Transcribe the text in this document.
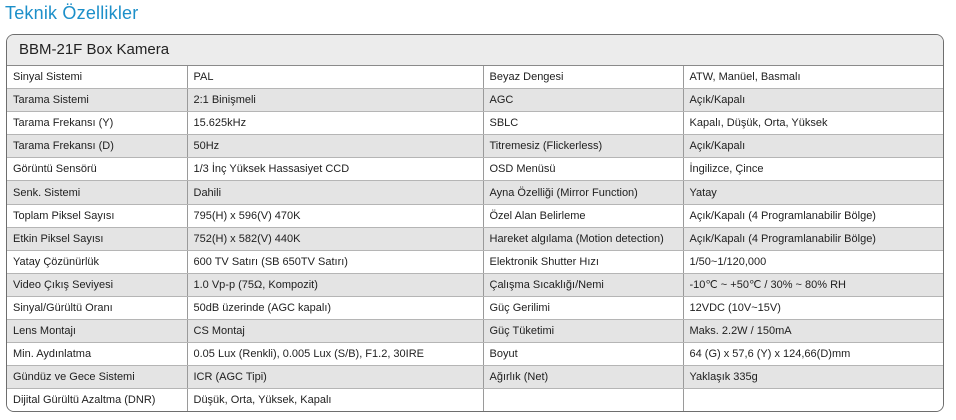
Teknik Özellikler
BBM-21F Box Kamera
Sinyal Sistemi	PAL	Beyaz Dengesi	ATW, Manüel, Basmalı
Tarama Sistemi	2:1 Binişmeli	AGC	Açık/Kapalı
Tarama Frekansı (Y)	15.625kHz	SBLC	Kapalı, Düşük, Orta, Yüksek
Tarama Frekansı (D)	50Hz	Titremesiz (Flickerless)	Açık/Kapalı
Görüntü Sensörü	1/3 İnç Yüksek Hassasiyet CCD	OSD Menüsü	İngilizce, Çince
Senk. Sistemi	Dahili	Ayna Özelliği (Mirror Function)	Yatay
Toplam Piksel Sayısı	795(H) x 596(V) 470K	Özel Alan Belirleme	Açık/Kapalı (4 Programlanabilir Bölge)
Etkin Piksel Sayısı	752(H) x 582(V) 440K	Hareket algılama (Motion detection)	Açık/Kapalı (4 Programlanabilir Bölge)
Yatay Çözünürlük	600 TV Satırı (SB 650TV Satırı)	Elektronik Shutter Hızı	1/50~1/120,000
Video Çıkış Seviyesi	1.0 Vp-p (75Ω, Kompozit)	Çalışma Sıcaklığı/Nemi	-10℃ ~ +50℃ / 30% ~ 80% RH
Sinyal/Gürültü Oranı	50dB üzerinde (AGC kapalı)	Güç Gerilimi	12VDC (10V~15V)
Lens Montajı	CS Montaj	Güç Tüketimi	Maks. 2.2W / 150mA
Min. Aydınlatma	0.05 Lux (Renkli), 0.005 Lux (S/B), F1.2, 30IRE	Boyut	64 (G) x 57,6 (Y) x 124,66(D)mm
Gündüz ve Gece Sistemi	ICR (AGC Tipi)	Ağırlık (Net)	Yaklaşık 335g
Dijital Gürültü Azaltma (DNR)	Düşük, Orta, Yüksek, Kapalı		
